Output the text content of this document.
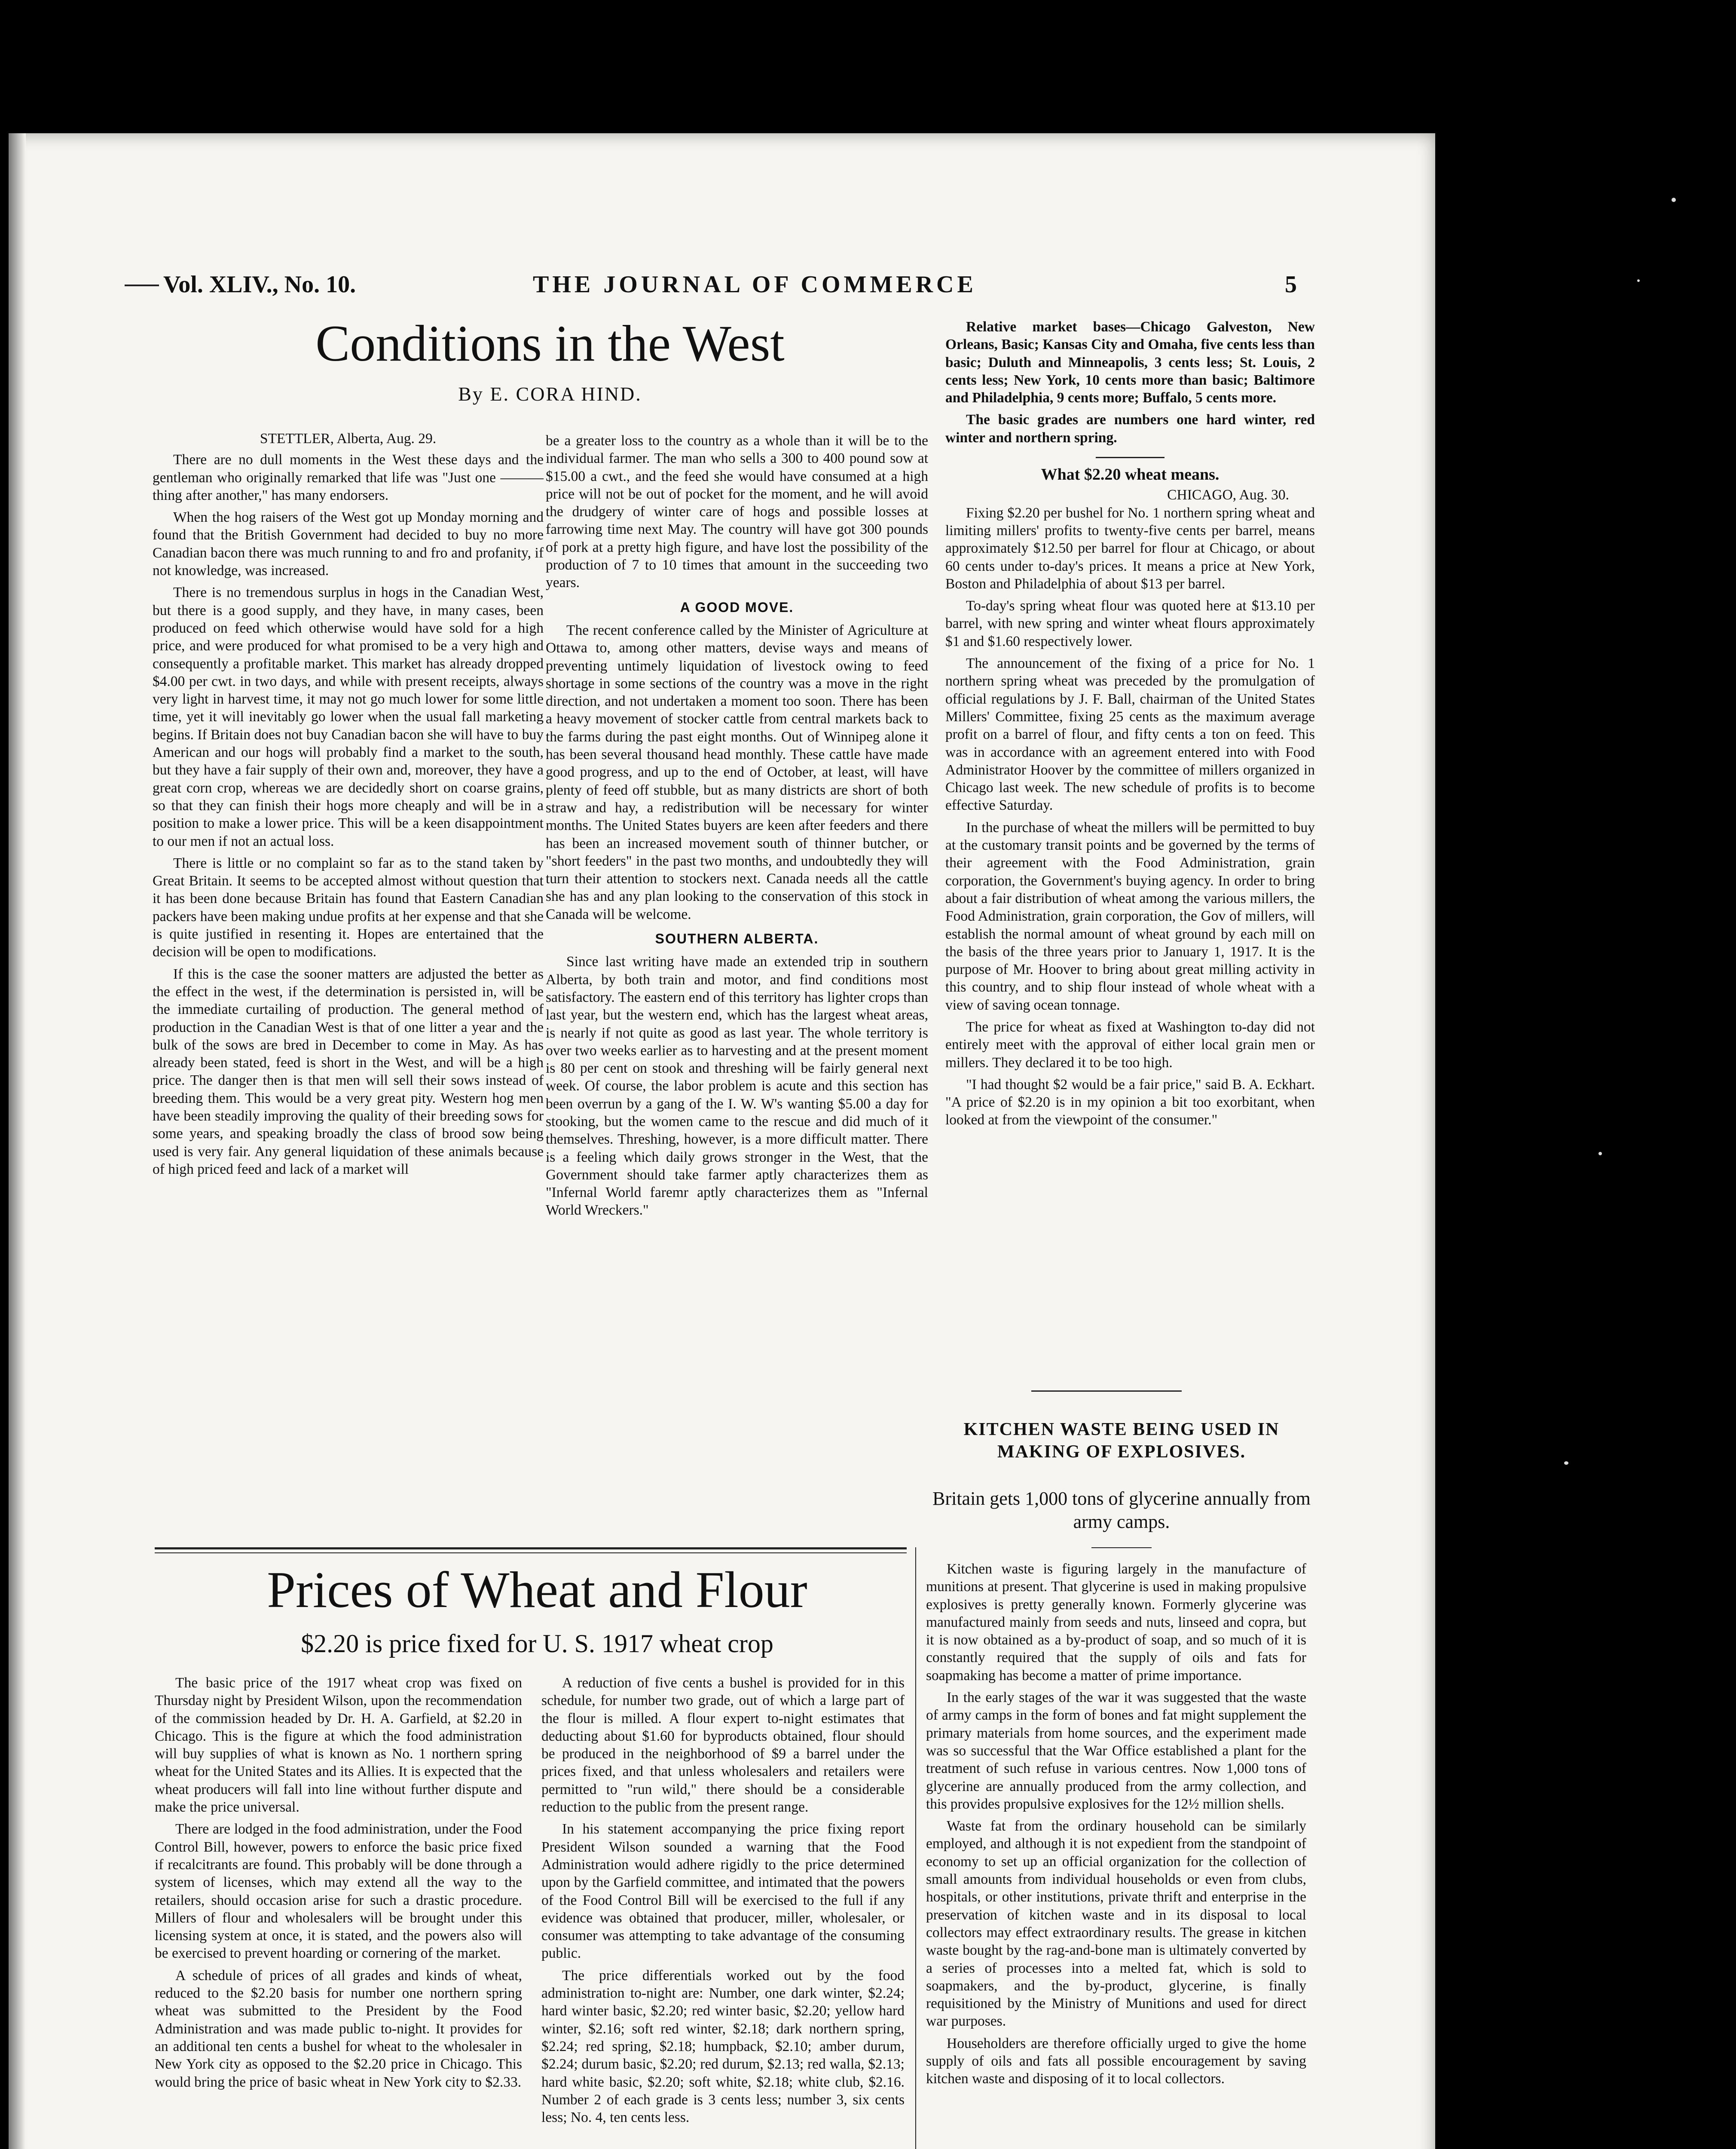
Vol. XLIV., No. 10.	THE JOURNAL OF COMMERCE	5
Conditions in the West
By E. CORA HIND.

STETTLER, Alberta, Aug. 29.

There are no dull moments in the West these days and the gentleman who originally remarked that life was "Just one ——— thing after another," has many endorsers.

When the hog raisers of the West got up Monday morning and found that the British Government had decided to buy no more Canadian bacon there was much running to and fro and profanity, if not knowledge, was increased.

There is no tremendous surplus in hogs in the Canadian West, but there is a good supply, and they have, in many cases, been produced on feed which otherwise would have sold for a high price, and were produced for what promised to be a very high and consequently a profitable market. This market has already dropped $4.00 per cwt. in two days, and while with present receipts, always very light in harvest time, it may not go much lower for some little time, yet it will inevitably go lower when the usual fall marketing begins. If Britain does not buy Canadian bacon she will have to buy American and our hogs will probably find a market to the south, but they have a fair supply of their own and, moreover, they have a great corn crop, whereas we are decidedly short on coarse grains, so that they can finish their hogs more cheaply and will be in a position to make a lower price. This will be a keen disappointment to our men if not an actual loss.

There is little or no complaint so far as to the stand taken by Great Britain. It seems to be accepted almost without question that it has been done because Britain has found that Eastern Canadian packers have been making undue profits at her expense and that she is quite justified in resenting it. Hopes are entertained that the decision will be open to modifications.

If this is the case the sooner matters are adjusted the better as the effect in the west, if the determination is persisted in, will be the immediate curtailing of production. The general method of production in the Canadian West is that of one litter a year and the bulk of the sows are bred in December to come in May. As has already been stated, feed is short in the West, and will be a high price. The danger then is that men will sell their sows instead of breeding them. This would be a very great pity. Western hog men have been steadily improving the quality of their breeding sows for some years, and speaking broadly the class of brood sow being used is very fair. Any general liquidation of these animals because of high priced feed and lack of a market will

be a greater loss to the country as a whole than it will be to the individual farmer. The man who sells a 300 to 400 pound sow at $15.00 a cwt., and the feed she would have consumed at a high price will not be out of pocket for the moment, and he will avoid the drudgery of winter care of hogs and possible losses at farrowing time next May. The country will have got 300 pounds of pork at a pretty high figure, and have lost the possibility of the production of 7 to 10 times that amount in the succeeding two years.

A GOOD MOVE.

The recent conference called by the Minister of Agriculture at Ottawa to, among other matters, devise ways and means of preventing untimely liquidation of livestock owing to feed shortage in some sections of the country was a move in the right direction, and not undertaken a moment too soon. There has been a heavy movement of stocker cattle from central markets back to the farms during the past eight months. Out of Winnipeg alone it has been several thousand head monthly. These cattle have made good progress, and up to the end of October, at least, will have plenty of feed off stubble, but as many districts are short of both straw and hay, a redistribution will be necessary for winter months. The United States buyers are keen after feeders and there has been an increased movement south of thinner butcher, or "short feeders" in the past two months, and undoubtedly they will turn their attention to stockers next. Canada needs all the cattle she has and any plan looking to the conservation of this stock in Canada will be welcome.

SOUTHERN ALBERTA.

Since last writing have made an extended trip in southern Alberta, by both train and motor, and find conditions most satisfactory. The eastern end of this territory has lighter crops than last year, but the western end, which has the largest wheat areas, is nearly if not quite as good as last year. The whole territory is over two weeks earlier as to harvesting and at the present moment is 80 per cent on stook and threshing will be fairly general next week. Of course, the labor problem is acute and this section has been overrun by a gang of the I. W. W's wanting $5.00 a day for stooking, but the women came to the rescue and did much of it themselves. Threshing, however, is a more difficult matter. There is a feeling which daily grows stronger in the West, that the Government should take farmer aptly characterizes them as "Infernal World faremr aptly characterizes them as "Infernal World Wreckers."

Relative market bases—Chicago Galveston, New Orleans, Basic; Kansas City and Omaha, five cents less than basic; Duluth and Minneapolis, 3 cents less; St. Louis, 2 cents less; New York, 10 cents more than basic; Baltimore and Philadelphia, 9 cents more; Buffalo, 5 cents more.

The basic grades are numbers one hard winter, red winter and northern spring.

What $2.20 wheat means.
CHICAGO, Aug. 30.

Fixing $2.20 per bushel for No. 1 northern spring wheat and limiting millers' profits to twenty-five cents per barrel, means approximately $12.50 per barrel for flour at Chicago, or about 60 cents under to-day's prices. It means a price at New York, Boston and Philadelphia of about $13 per barrel.

To-day's spring wheat flour was quoted here at $13.10 per barrel, with new spring and winter wheat flours approximately $1 and $1.60 respectively lower.

The announcement of the fixing of a price for No. 1 northern spring wheat was preceded by the promulgation of official regulations by J. F. Ball, chairman of the United States Millers' Committee, fixing 25 cents as the maximum average profit on a barrel of flour, and fifty cents a ton on feed. This was in accordance with an agreement entered into with Food Administrator Hoover by the committee of millers organized in Chicago last week. The new schedule of profits is to become effective Saturday.

In the purchase of wheat the millers will be permitted to buy at the customary transit points and be governed by the terms of their agreement with the Food Administration, grain corporation, the Government's buying agency. In order to bring about a fair distribution of wheat among the various millers, the Food Administration, grain corporation, the Gov of millers, will establish the normal amount of wheat ground by each mill on the basis of the three years prior to January 1, 1917. It is the purpose of Mr. Hoover to bring about great milling activity in this country, and to ship flour instead of whole wheat with a view of saving ocean tonnage.

The price for wheat as fixed at Washington to-day did not entirely meet with the approval of either local grain men or millers. They declared it to be too high.

"I had thought $2 would be a fair price," said B. A. Eckhart. "A price of $2.20 is in my opinion a bit too exorbitant, when looked at from the viewpoint of the consumer."

KITCHEN WASTE BEING USED IN MAKING OF EXPLOSIVES.
Britain gets 1,000 tons of glycerine annually from army camps.

Kitchen waste is figuring largely in the manufacture of munitions at present. That glycerine is used in making propulsive explosives is pretty generally known. Formerly glycerine was manufactured mainly from seeds and nuts, linseed and copra, but it is now obtained as a by-product of soap, and so much of it is constantly required that the supply of oils and fats for soapmaking has become a matter of prime importance.

In the early stages of the war it was suggested that the waste of army camps in the form of bones and fat might supplement the primary materials from home sources, and the experiment made was so successful that the War Office established a plant for the treatment of such refuse in various centres. Now 1,000 tons of glycerine are annually produced from the army collection, and this provides propulsive explosives for the 12½ million shells.

Waste fat from the ordinary household can be similarly employed, and although it is not expedient from the standpoint of economy to set up an official organization for the collection of small amounts from individual households or even from clubs, hospitals, or other institutions, private thrift and enterprise in the preservation of kitchen waste and in its disposal to local collectors may effect extraordinary results. The grease in kitchen waste bought by the rag-and-bone man is ultimately converted by a series of processes into a melted fat, which is sold to soapmakers, and the by-product, glycerine, is finally requisitioned by the Ministry of Munitions and used for direct war purposes.

Householders are therefore officially urged to give the home supply of oils and fats all possible encouragement by saving kitchen waste and disposing of it to local collectors.

Prices of Wheat and Flour
$2.20 is price fixed for U. S. 1917 wheat crop

The basic price of the 1917 wheat crop was fixed on Thursday night by President Wilson, upon the recommendation of the commission headed by Dr. H. A. Garfield, at $2.20 in Chicago. This is the figure at which the food administration will buy supplies of what is known as No. 1 northern spring wheat for the United States and its Allies. It is expected that the wheat producers will fall into line without further dispute and make the price universal.

There are lodged in the food administration, under the Food Control Bill, however, powers to enforce the basic price fixed if recalcitrants are found. This probably will be done through a system of licenses, which may extend all the way to the retailers, should occasion arise for such a drastic procedure. Millers of flour and wholesalers will be brought under this licensing system at once, it is stated, and the powers also will be exercised to prevent hoarding or cornering of the market.

A schedule of prices of all grades and kinds of wheat, reduced to the $2.20 basis for number one northern spring wheat was submitted to the President by the Food Administration and was made public to-night. It provides for an additional ten cents a bushel for wheat to the wholesaler in New York city as opposed to the $2.20 price in Chicago. This would bring the price of basic wheat in New York city to $2.33.

A reduction of five cents a bushel is provided for in this schedule, for number two grade, out of which a large part of the flour is milled. A flour expert to-night estimates that deducting about $1.60 for byproducts obtained, flour should be produced in the neighborhood of $9 a barrel under the prices fixed, and that unless wholesalers and retailers were permitted to "run wild," there should be a considerable reduction to the public from the present range.

In his statement accompanying the price fixing report President Wilson sounded a warning that the Food Administration would adhere rigidly to the price determined upon by the Garfield committee, and intimated that the powers of the Food Control Bill will be exercised to the full if any evidence was obtained that producer, miller, wholesaler, or consumer was attempting to take advantage of the consuming public.

The price differentials worked out by the food administration to-night are: Number, one dark winter, $2.24; hard winter basic, $2.20; red winter basic, $2.20; yellow hard winter, $2.16; soft red winter, $2.18; dark northern spring, $2.24; red spring, $2.18; humpback, $2.10; amber durum, $2.24; durum basic, $2.20; red durum, $2.13; red walla, $2.13; hard white basic, $2.20; soft white, $2.18; white club, $2.16. Number 2 of each grade is 3 cents less; number 3, six cents less; No. 4, ten cents less.
